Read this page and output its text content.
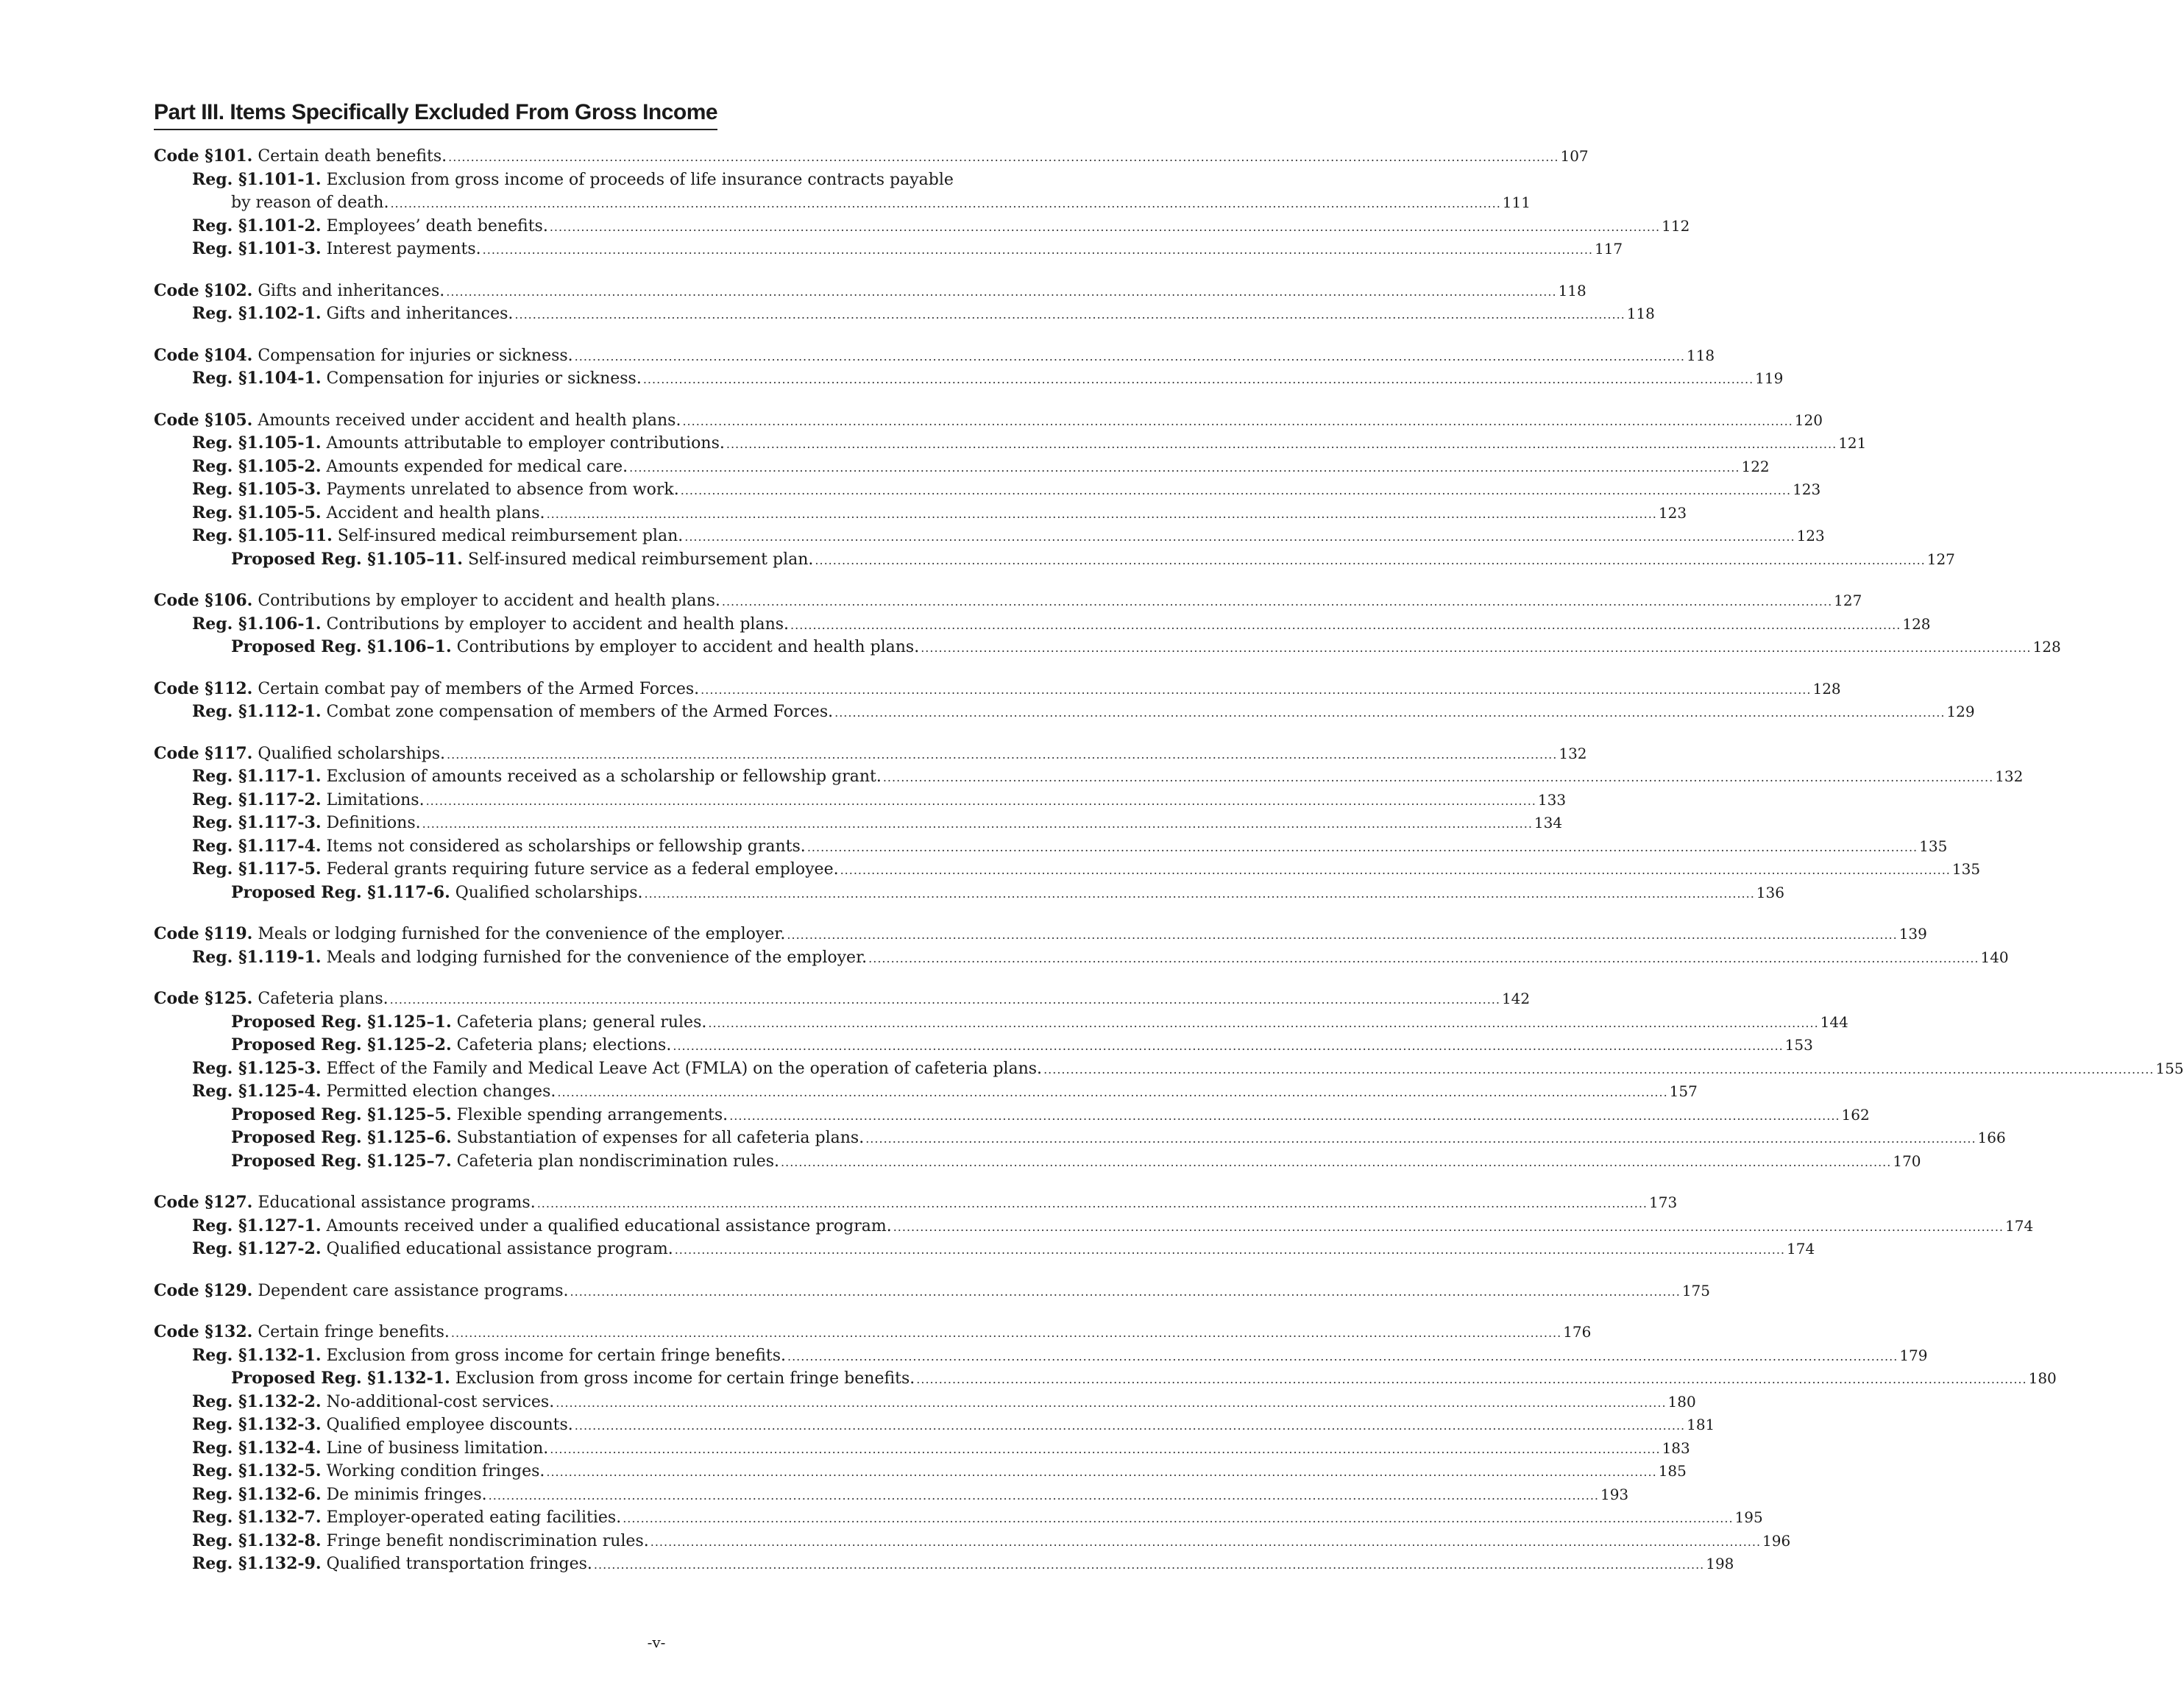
Part III. Items Specifically Excluded From Gross Income
Code §101. Certain death benefits. .....	107
Reg. §1.101-1. Exclusion from gross income of proceeds of life insurance contracts payable
by reason of death. .....	111
Reg. §1.101-2. Employees’ death benefits. .....	112
Reg. §1.101-3. Interest payments. .....	117
Code §102. Gifts and inheritances. .....	118
Reg. §1.102-1. Gifts and inheritances. .....	118
Code §104. Compensation for injuries or sickness. .....	118
Reg. §1.104-1. Compensation for injuries or sickness. .....	119
Code §105. Amounts received under accident and health plans. .....	120
Reg. §1.105-1. Amounts attributable to employer contributions. .....	121
Reg. §1.105-2. Amounts expended for medical care. .....	122
Reg. §1.105-3. Payments unrelated to absence from work. .....	123
Reg. §1.105-5. Accident and health plans. .....	123
Reg. §1.105-11. Self-insured medical reimbursement plan. .....	123
Proposed Reg. §1.105–11. Self-insured medical reimbursement plan. .....	127
Code §106. Contributions by employer to accident and health plans. .....	127
Reg. §1.106-1. Contributions by employer to accident and health plans. .....	128
Proposed Reg. §1.106–1. Contributions by employer to accident and health plans. .....	128
Code §112. Certain combat pay of members of the Armed Forces. .....	128
Reg. §1.112-1. Combat zone compensation of members of the Armed Forces. .....	129
Code §117. Qualified scholarships. .....	132
Reg. §1.117-1. Exclusion of amounts received as a scholarship or fellowship grant. .....	132
Reg. §1.117-2. Limitations. .....	133
Reg. §1.117-3. Definitions. .....	134
Reg. §1.117-4. Items not considered as scholarships or fellowship grants. .....	135
Reg. §1.117-5. Federal grants requiring future service as a federal employee. .....	135
Proposed Reg. §1.117-6. Qualified scholarships. .....	136
Code §119. Meals or lodging furnished for the convenience of the employer. .....	139
Reg. §1.119-1. Meals and lodging furnished for the convenience of the employer. .....	140
Code §125. Cafeteria plans. .....	142
Proposed Reg. §1.125–1. Cafeteria plans; general rules. .....	144
Proposed Reg. §1.125–2. Cafeteria plans; elections. .....	153
Reg. §1.125-3. Effect of the Family and Medical Leave Act (FMLA) on the operation of cafeteria plans. .....	155
Reg. §1.125-4. Permitted election changes. .....	157
Proposed Reg. §1.125–5. Flexible spending arrangements. .....	162
Proposed Reg. §1.125–6. Substantiation of expenses for all cafeteria plans. .....	166
Proposed Reg. §1.125–7. Cafeteria plan nondiscrimination rules. .....	170
Code §127. Educational assistance programs. .....	173
Reg. §1.127-1. Amounts received under a qualified educational assistance program. .....	174
Reg. §1.127-2. Qualified educational assistance program. .....	174
Code §129. Dependent care assistance programs. .....	175
Code §132. Certain fringe benefits. .....	176
Reg. §1.132-1. Exclusion from gross income for certain fringe benefits. .....	179
Proposed Reg. §1.132-1. Exclusion from gross income for certain fringe benefits. .....	180
Reg. §1.132-2. No-additional-cost services. .....	180
Reg. §1.132-3. Qualified employee discounts. .....	181
Reg. §1.132-4. Line of business limitation. .....	183
Reg. §1.132-5. Working condition fringes. .....	185
Reg. §1.132-6. De minimis fringes. .....	193
Reg. §1.132-7. Employer-operated eating facilities. .....	195
Reg. §1.132-8. Fringe benefit nondiscrimination rules. .....	196
Reg. §1.132-9. Qualified transportation fringes. .....	198
-v-
